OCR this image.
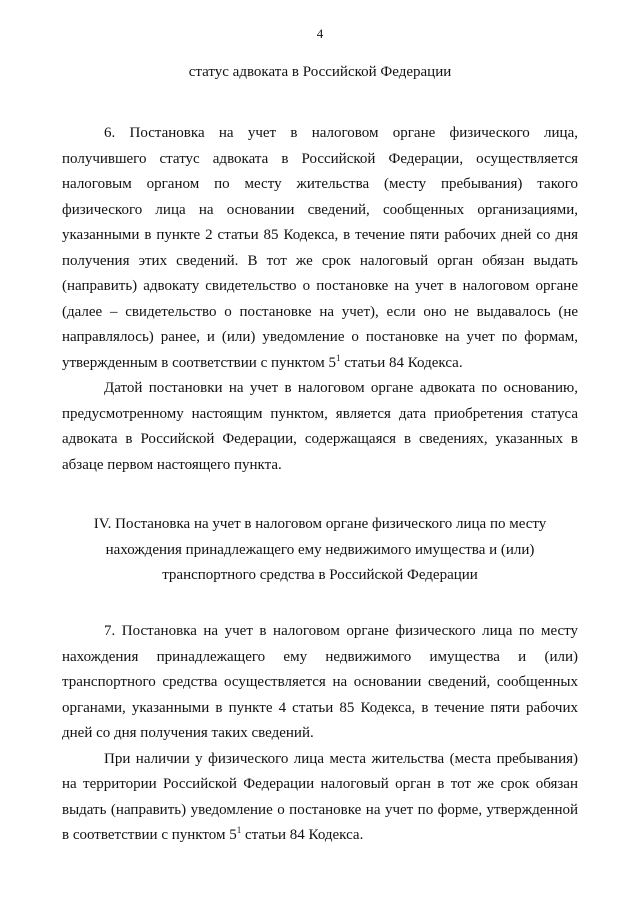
4
статус адвоката в Российской Федерации

6. Постановка на учет в налоговом органе физического лица, получившего статус адвоката в Российской Федерации, осуществляется налоговым органом по месту жительства (месту пребывания) такого физического лица на основании сведений, сообщенных организациями, указанными в пункте 2 статьи 85 Кодекса, в течение пяти рабочих дней со дня получения этих сведений. В тот же срок налоговый орган обязан выдать (направить) адвокату свидетельство о постановке на учет в налоговом органе (далее – свидетельство о постановке на учет), если оно не выдавалось (не направлялось) ранее, и (или) уведомление о постановке на учет по формам, утвержденным в соответствии с пунктом $5^1$ статьи 84 Кодекса.

Датой постановки на учет в налоговом органе адвоката по основанию, предусмотренному настоящим пунктом, является дата приобретения статуса адвоката в Российской Федерации, содержащаяся в сведениях, указанных в абзаце первом настоящего пункта.

IV. Постановка на учет в налоговом органе физического лица по месту
нахождения принадлежащего ему недвижимого имущества и (или)
транспортного средства в Российской Федерации

7. Постановка на учет в налоговом органе физического лица по месту нахождения принадлежащего ему недвижимого имущества и (или) транспортного средства осуществляется на основании сведений, сообщенных органами, указанными в пункте 4 статьи 85 Кодекса, в течение пяти рабочих дней со дня получения таких сведений.

При наличии у физического лица места жительства (места пребывания) на территории Российской Федерации налоговый орган в тот же срок обязан выдать (направить) уведомление о постановке на учет по форме, утвержденной в соответствии с пунктом $5^1$ статьи 84 Кодекса.
